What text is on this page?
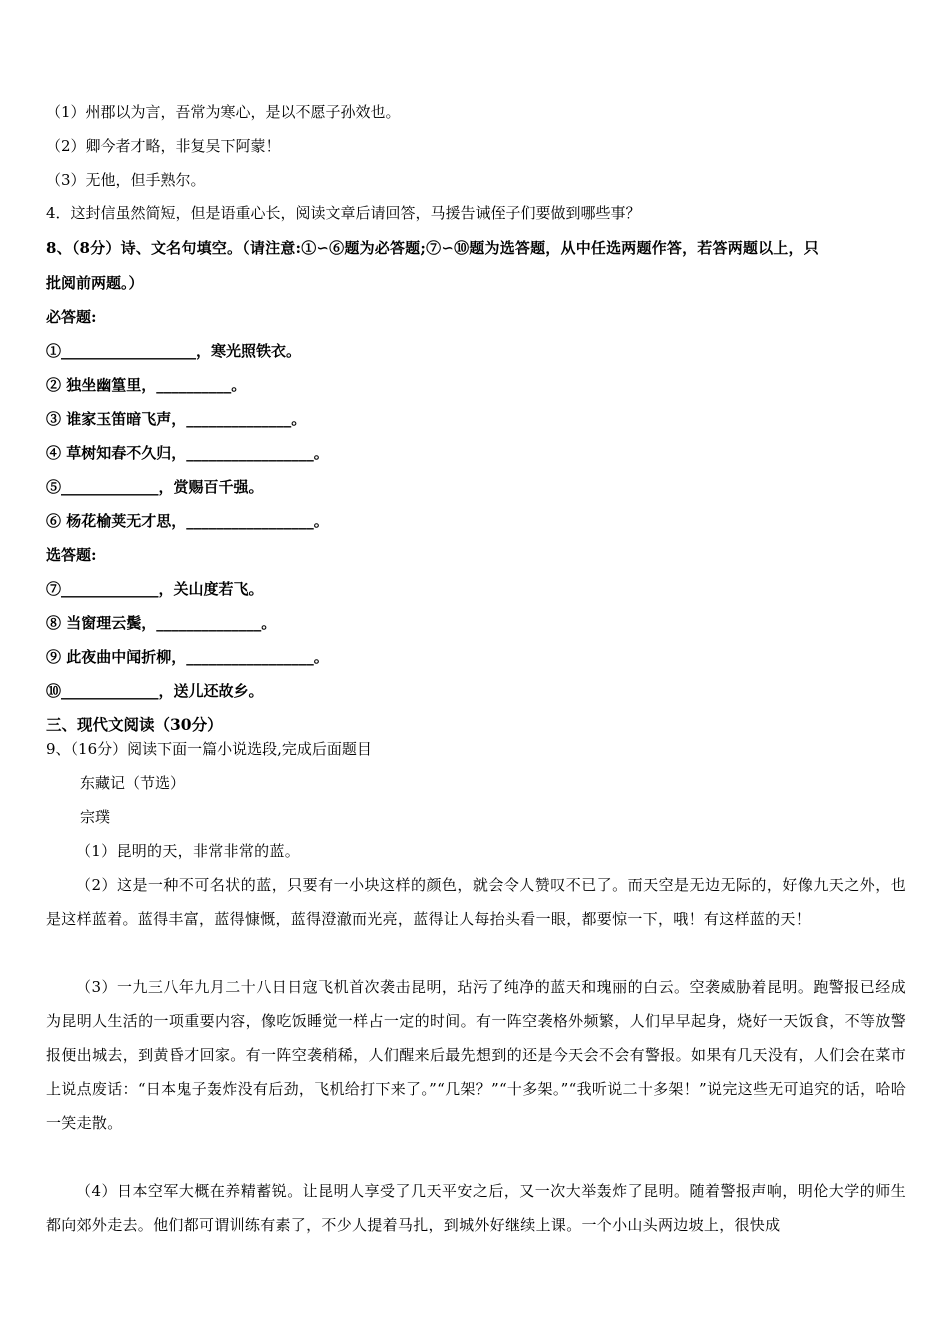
（1）州郡以为言，吾常为寒心，是以不愿子孙效也。
（2）卿今者才略，非复吴下阿蒙！
（3）无他，但手熟尔。
4．这封信虽然简短，但是语重心长，阅读文章后请回答，马援告诫侄子们要做到哪些事？
8、（8分）诗、文名句填空。（请注意:①∽⑥题为必答题;⑦∽⑩题为选答题，从中任选两题作答，若答两题以上，只
批阅前两题。）
必答题:
①__________________，寒光照铁衣。
② 独坐幽篁里，__________。
③ 谁家玉笛暗飞声，______________。
④ 草树知春不久归，_________________。
⑤_____________，赏赐百千强。
⑥ 杨花榆荚无才思，_________________。
选答题:
⑦_____________，关山度若飞。
⑧ 当窗理云鬓，______________。
⑨ 此夜曲中闻折柳，_________________。
⑩_____________，送儿还故乡。
三、现代文阅读（30分）
9、（16分）阅读下面一篇小说选段,完成后面题目
东藏记（节选）
宗璞
（1）昆明的天，非常非常的蓝。
（2）这是一种不可名状的蓝，只要有一小块这样的颜色，就会令人赞叹不已了。而天空是无边无际的，好像九天之外，也是这样蓝着。蓝得丰富，蓝得慷慨，蓝得澄澈而光亮，蓝得让人每抬头看一眼，都要惊一下，哦！有这样蓝的天！
（3）一九三八年九月二十八日日寇飞机首次袭击昆明，玷污了纯净的蓝天和瑰丽的白云。空袭威胁着昆明。跑警报已经成为昆明人生活的一项重要内容，像吃饭睡觉一样占一定的时间。有一阵空袭格外频繁，人们早早起身，烧好一天饭食，不等放警报便出城去，到黄昏才回家。有一阵空袭稍稀，人们醒来后最先想到的还是今天会不会有警报。如果有几天没有，人们会在菜市上说点废话：“日本鬼子轰炸没有后劲，飞机给打下来了。”“几架？”“十多架。”“我听说二十多架！”说完这些无可追究的话，哈哈一笑走散。
（4）日本空军大概在养精蓄锐。让昆明人享受了几天平安之后，又一次大举轰炸了昆明。随着警报声响，明伦大学的师生都向郊外走去。他们都可谓训练有素了，不少人提着马扎，到城外好继续上课。一个小山头两边坡上，很快成
